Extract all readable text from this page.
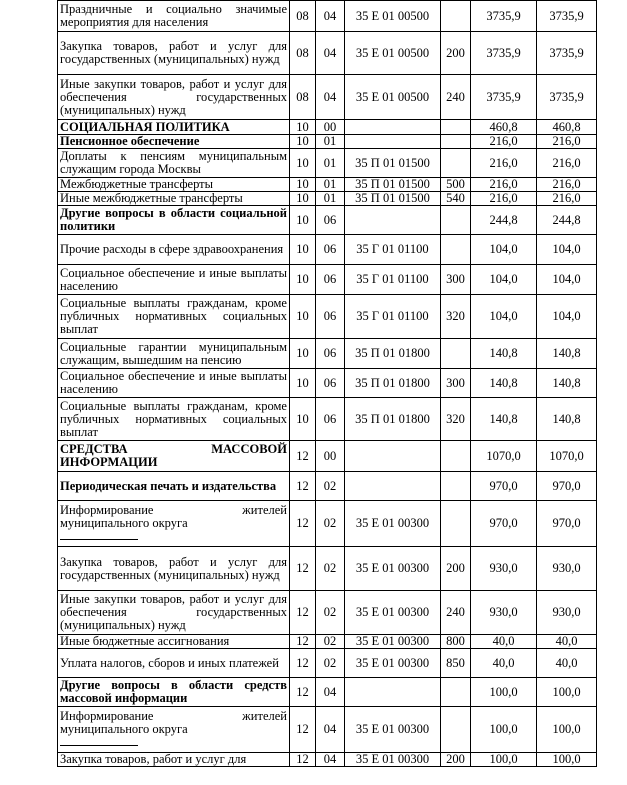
Праздничные и социально значимые мероприятия для населения	08	04	35 Е 01 00500		3735,9	3735,9
Закупка товаров, работ и услуг для государственных (муниципальных) нужд	08	04	35 Е 01 00500	200	3735,9	3735,9
Иные закупки товаров, работ и услуг для обеспечения государственных (муниципальных) нужд	08	04	35 Е 01 00500	240	3735,9	3735,9
СОЦИАЛЬНАЯ ПОЛИТИКА	10	00			460,8	460,8
Пенсионное обеспечение	10	01			216,0	216,0
Доплаты к пенсиям муниципальным служащим города Москвы	10	01	35 П 01 01500		216,0	216,0
Межбюджетные трансферты	10	01	35 П 01 01500	500	216,0	216,0
Иные межбюджетные трансферты	10	01	35 П 01 01500	540	216,0	216,0
Другие вопросы в области социальной политики	10	06			244,8	244,8
Прочие расходы в сфере здравоохранения	10	06	35 Г 01 01100		104,0	104,0
Социальное обеспечение и иные выплаты населению	10	06	35 Г 01 01100	300	104,0	104,0
Социальные выплаты гражданам, кроме публичных нормативных социальных выплат	10	06	35 Г 01 01100	320	104,0	104,0
Социальные гарантии муниципальным служащим, вышедшим на пенсию	10	06	35 П 01 01800		140,8	140,8
Социальное обеспечение и иные выплаты населению	10	06	35 П 01 01800	300	140,8	140,8
Социальные выплаты гражданам, кроме публичных нормативных социальных выплат	10	06	35 П 01 01800	320	140,8	140,8
СРЕДСТВА МАССОВОЙ ИНФОРМАЦИИ	12	00			1070,0	1070,0
Периодическая печать и издательства	12	02			970,0	970,0
Информирование жителей муниципального округа	12	02	35 Е 01 00300		970,0	970,0
Закупка товаров, работ и услуг для государственных (муниципальных) нужд	12	02	35 Е 01 00300	200	930,0	930,0
Иные закупки товаров, работ и услуг для обеспечения государственных (муниципальных) нужд	12	02	35 Е 01 00300	240	930,0	930,0
Иные бюджетные ассигнования	12	02	35 Е 01 00300	800	40,0	40,0
Уплата налогов, сборов и иных платежей	12	02	35 Е 01 00300	850	40,0	40,0
Другие вопросы в области средств массовой информации	12	04			100,0	100,0
Информирование жителей муниципального округа	12	04	35 Е 01 00300		100,0	100,0
Закупка товаров, работ и услуг для	12	04	35 Е 01 00300	200	100,0	100,0
